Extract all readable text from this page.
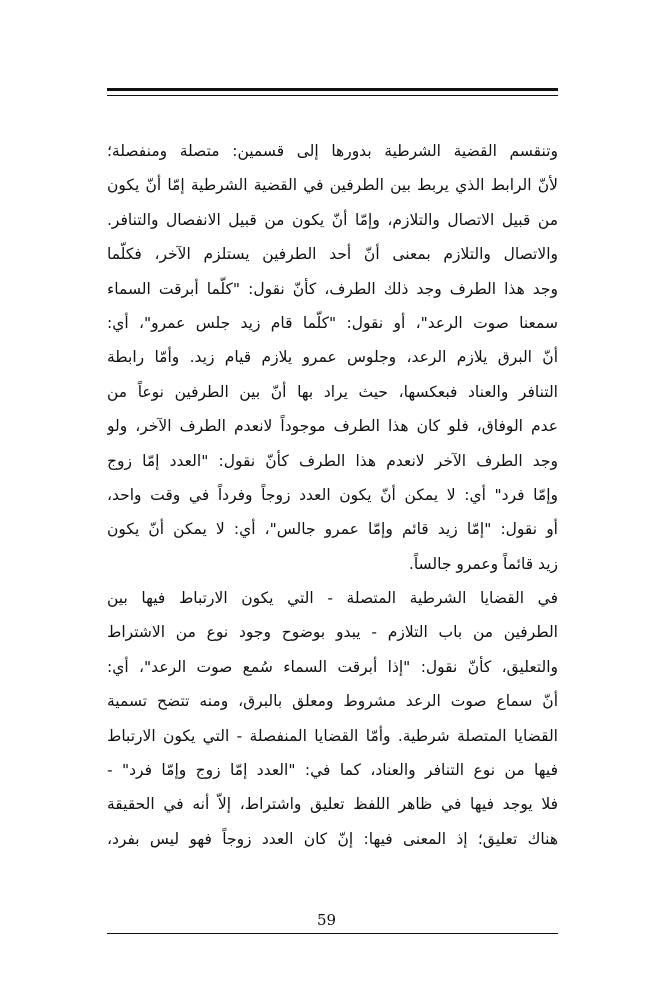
وتنقسم القضية الشرطية بدورها إلى قسمين: متصلة ومنفصلة؛
لأنّ الرابط الذي يربط بين الطرفين في القضية الشرطية إمّا أنّ يكون
من قبيل الاتصال والتلازم، وإمّا أنّ يكون من قبيل الانفصال والتنافر.
والاتصال والتلازم بمعنى أنّ أحد الطرفين يستلزم الآخر، فكلّما
وجد هذا الطرف وجد ذلك الطرف، كأنّ نقول: "كلّما أبرقت السماء
سمعنا صوت الرعد"، أو نقول: "كلّما قام زيد جلس عمرو"، أي:
أنّ البرق يلازم الرعد، وجلوس عمرو يلازم قيام زيد. وأمّا رابطة
التنافر والعناد فبعكسها، حيث يراد بها أنّ بين الطرفين نوعاً من
عدم الوفاق، فلو كان هذا الطرف موجوداً لانعدم الطرف الآخر، ولو
وجد الطرف الآخر لانعدم هذا الطرف كأنّ نقول: "العدد إمّا زوج
وإمّا فرد" أي: لا يمكن أنّ يكون العدد زوجاً وفرداً في وقت واحد،
أو نقول: "إمّا زيد قائم وإمّا عمرو جالس"، أي: لا يمكن أنّ يكون
زيد قائماً وعمرو جالساً.
في القضايا الشرطية المتصلة - التي يكون الارتباط فيها بين
الطرفين من باب التلازم - يبدو بوضوح وجود نوع من الاشتراط
والتعليق، كأنّ نقول: "إذا أبرقت السماء سُمع صوت الرعد"، أي:
أنّ سماع صوت الرعد مشروط ومعلق بالبرق، ومنه تتضح تسمية
القضايا المتصلة شرطية. وأمّا القضايا المنفصلة - التي يكون الارتباط
فيها من نوع التنافر والعناد، كما في: "العدد إمّا زوج وإمّا فرد" -
فلا يوجد فيها في ظاهر اللفظ تعليق واشتراط، إلاّ أنه في الحقيقة
هناك تعليق؛ إذ المعنى فيها: إنّ كان العدد زوجاً فهو ليس بفرد،
59
